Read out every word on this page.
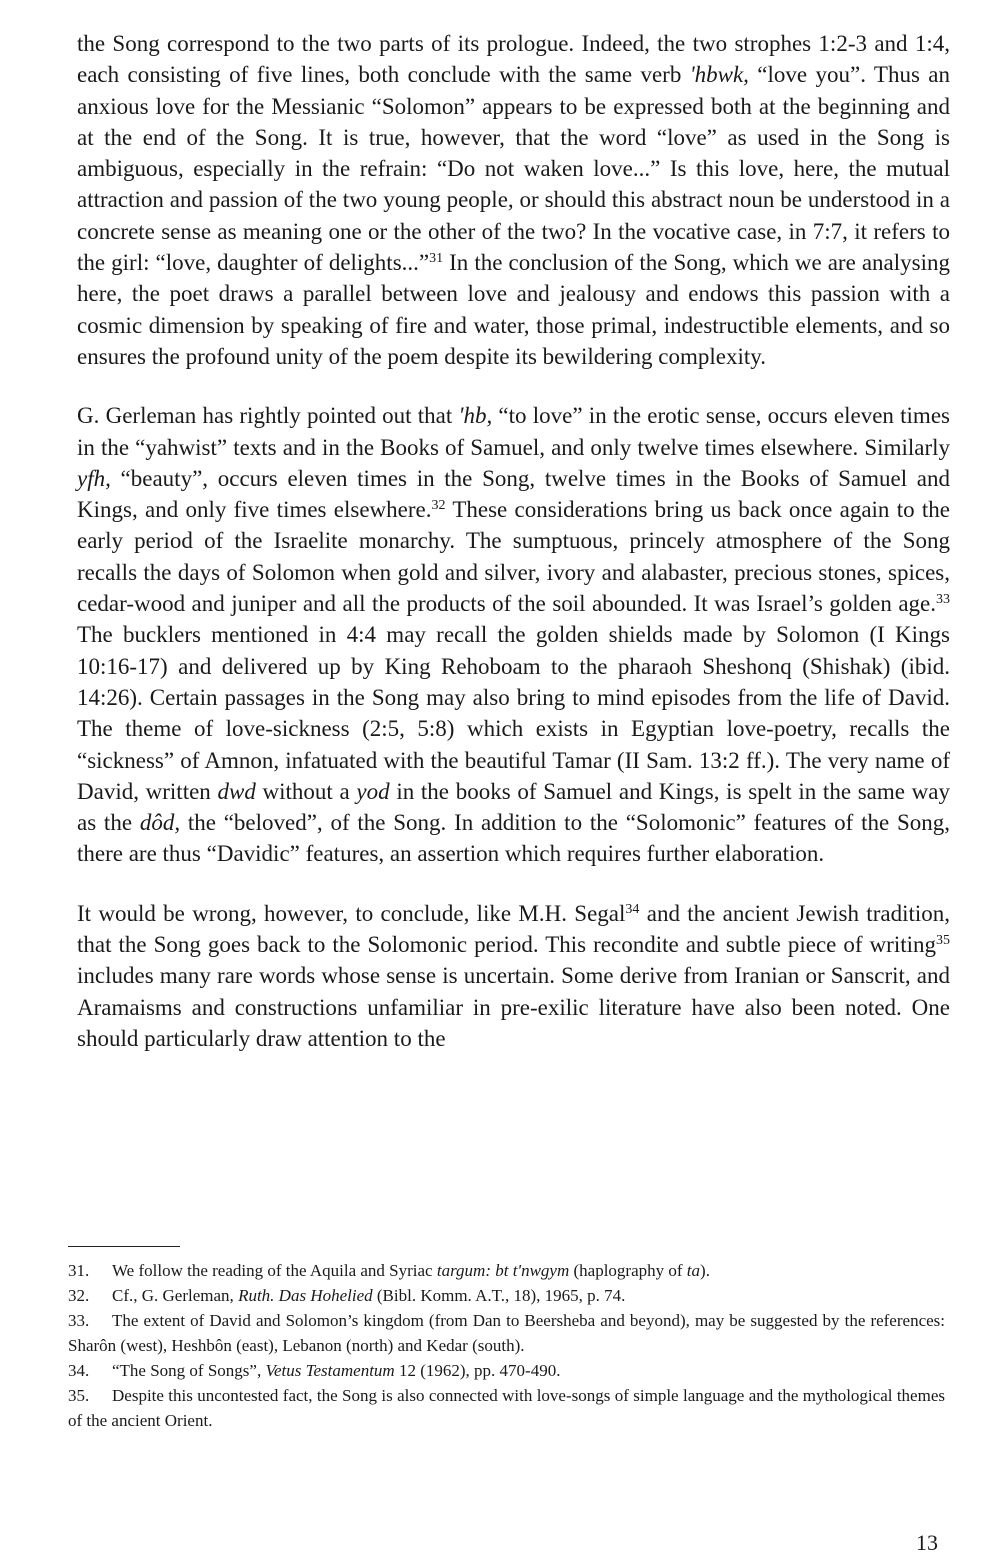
the Song correspond to the two parts of its prologue. Indeed, the two strophes 1:2-3 and 1:4, each consisting of five lines, both conclude with the same verb 'hbwk, “love you”. Thus an anxious love for the Messianic “Solomon” appears to be expressed both at the beginning and at the end of the Song. It is true, however, that the word “love” as used in the Song is ambiguous, especially in the refrain: “Do not waken love...” Is this love, here, the mutual attraction and passion of the two young people, or should this abstract noun be understood in a concrete sense as meaning one or the other of the two? In the vocative case, in 7:7, it refers to the girl: “love, daughter of delights...”$^{31}$ In the conclusion of the Song, which we are analysing here, the poet draws a parallel between love and jealousy and endows this passion with a cosmic dimension by speaking of fire and water, those primal, indestructible elements, and so ensures the profound unity of the poem despite its bewildering complexity.

G. Gerleman has rightly pointed out that 'hb, “to love” in the erotic sense, occurs eleven times in the “yahwist” texts and in the Books of Samuel, and only twelve times elsewhere. Similarly yfh, “beauty”, occurs eleven times in the Song, twelve times in the Books of Samuel and Kings, and only five times elsewhere.$^{32}$ These considerations bring us back once again to the early period of the Israelite monarchy. The sumptuous, princely atmosphere of the Song recalls the days of Solomon when gold and silver, ivory and alabaster, precious stones, spices, cedar-wood and juniper and all the products of the soil abounded. It was Israel’s golden age.$^{33}$ The bucklers mentioned in 4:4 may recall the golden shields made by Solomon (I Kings 10:16-17) and delivered up by King Rehoboam to the pharaoh Sheshonq (Shishak) (ibid. 14:26). Certain passages in the Song may also bring to mind episodes from the life of David. The theme of love-sickness (2:5, 5:8) which exists in Egyptian love-poetry, recalls the “sickness” of Amnon, infatuated with the beautiful Tamar (II Sam. 13:2 ff.). The very name of David, written dwd without a yod in the books of Samuel and Kings, is spelt in the same way as the dôd, the “beloved”, of the Song. In addition to the “Solomonic” features of the Song, there are thus “Davidic” features, an assertion which requires further elaboration.

It would be wrong, however, to conclude, like M.H. Segal$^{34}$ and the ancient Jewish tradition, that the Song goes back to the Solomonic period. This recondite and subtle piece of writing$^{35}$ includes many rare words whose sense is uncertain. Some derive from Iranian or Sanscrit, and Aramaisms and constructions unfamiliar in pre-exilic literature have also been noted. One should particularly draw attention to the

31. We follow the reading of the Aquila and Syriac targum: bt t'nwgym (haplography of ta).

32. Cf., G. Gerleman, Ruth. Das Hohelied (Bibl. Komm. A.T., 18), 1965, p. 74.

33. The extent of David and Solomon’s kingdom (from Dan to Beersheba and beyond), may be suggested by the references: Sharôn (west), Heshbôn (east), Lebanon (north) and Kedar (south).

34. “The Song of Songs”, Vetus Testamentum 12 (1962), pp. 470-490.

35. Despite this uncontested fact, the Song is also connected with love-songs of simple language and the mythological themes of the ancient Orient.

13
